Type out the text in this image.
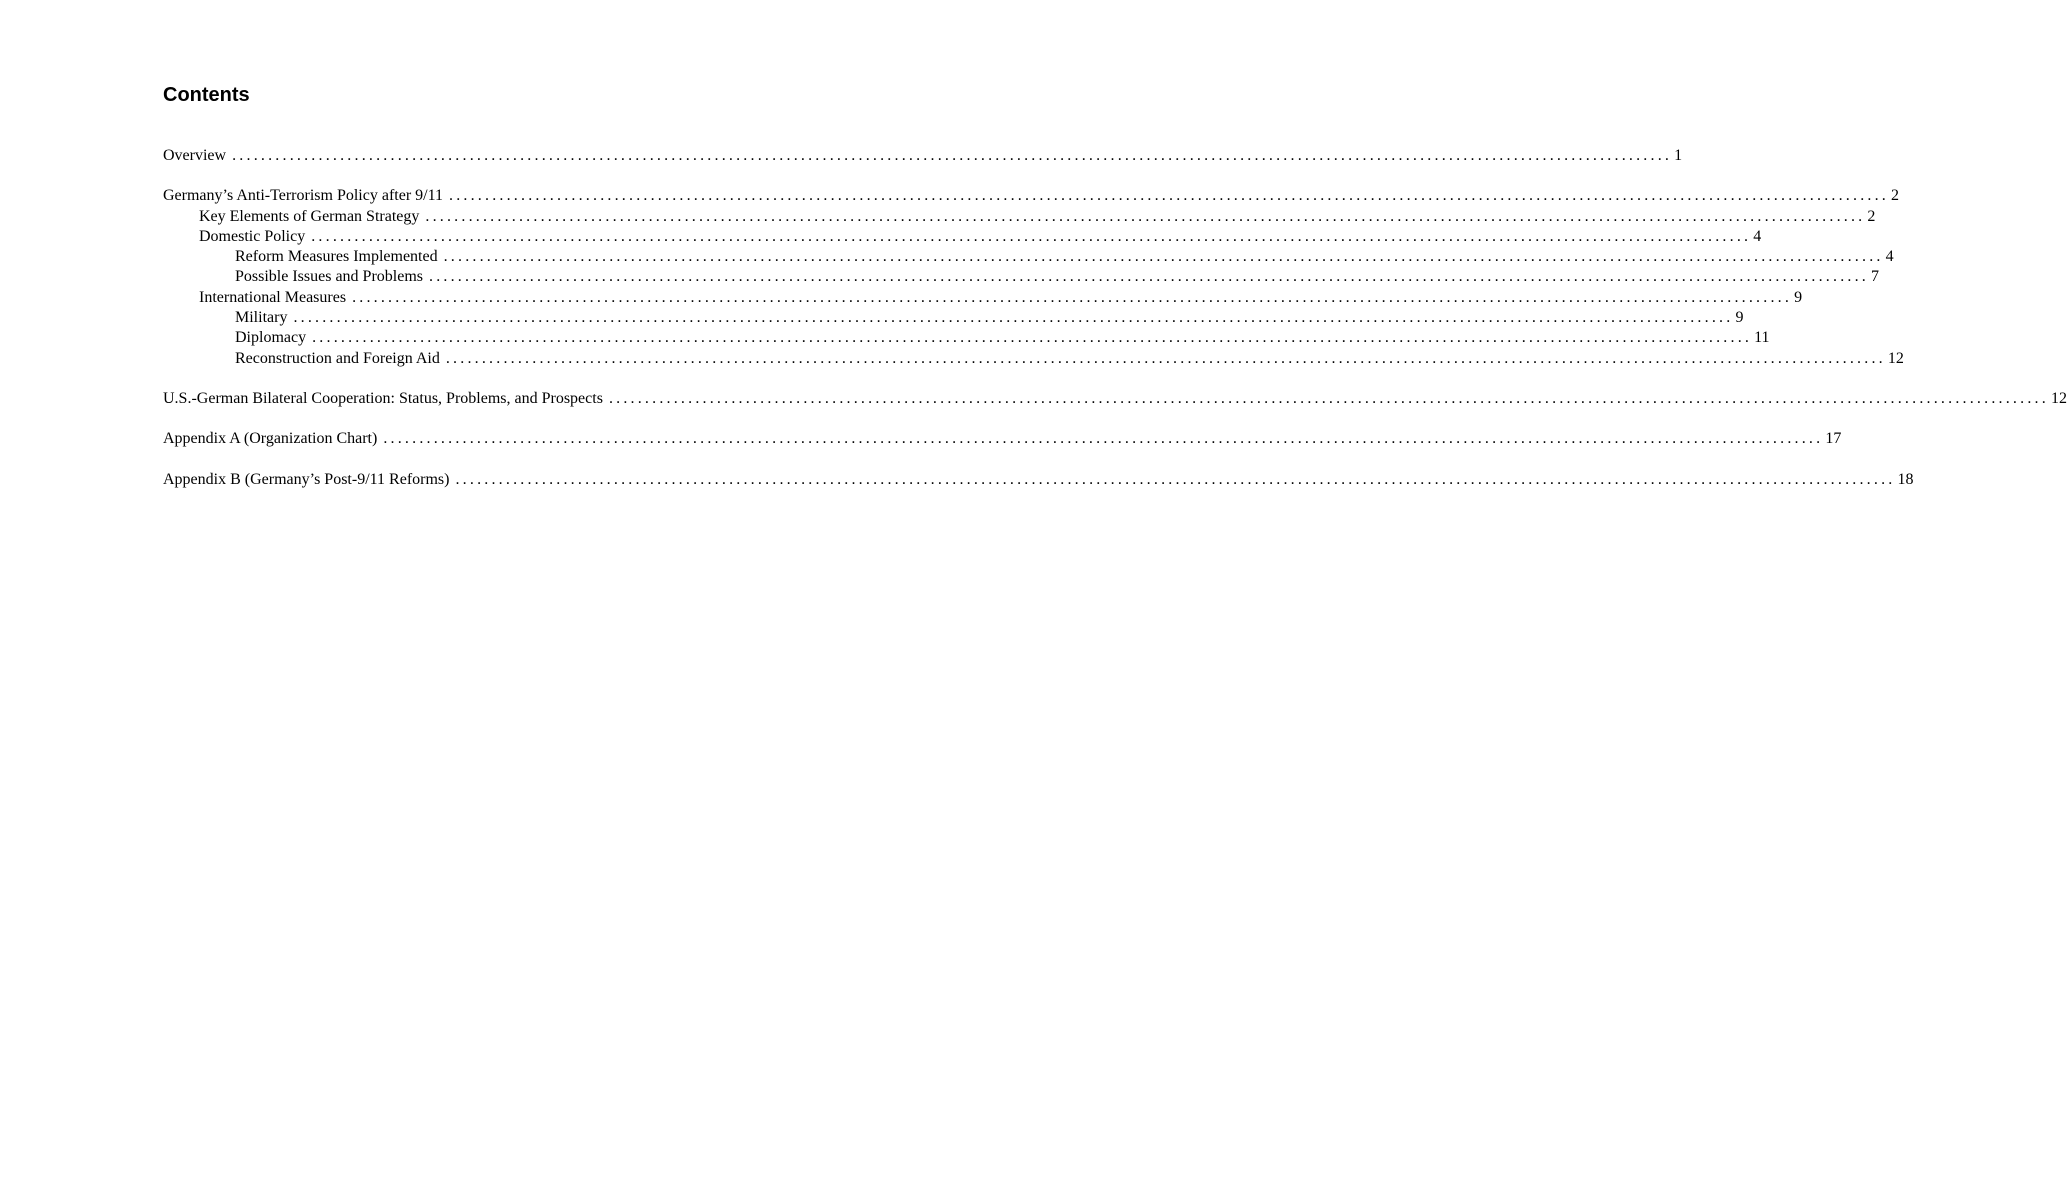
Contents
Overview ........................................................................................................................................................................................................ 1
Germany’s Anti-Terrorism Policy after 9/11 ........................................................................................................................................................................................................ 2
Key Elements of German Strategy ........................................................................................................................................................................................................ 2
Domestic Policy ........................................................................................................................................................................................................ 4
Reform Measures Implemented ........................................................................................................................................................................................................ 4
Possible Issues and Problems ........................................................................................................................................................................................................ 7
International Measures ........................................................................................................................................................................................................ 9
Military ........................................................................................................................................................................................................ 9
Diplomacy ........................................................................................................................................................................................................ 11
Reconstruction and Foreign Aid ........................................................................................................................................................................................................ 12
U.S.-German Bilateral Cooperation: Status, Problems, and Prospects ........................................................................................................................................................................................................ 12
Appendix A (Organization Chart) ........................................................................................................................................................................................................ 17
Appendix B (Germany’s Post-9/11 Reforms) ........................................................................................................................................................................................................ 18
